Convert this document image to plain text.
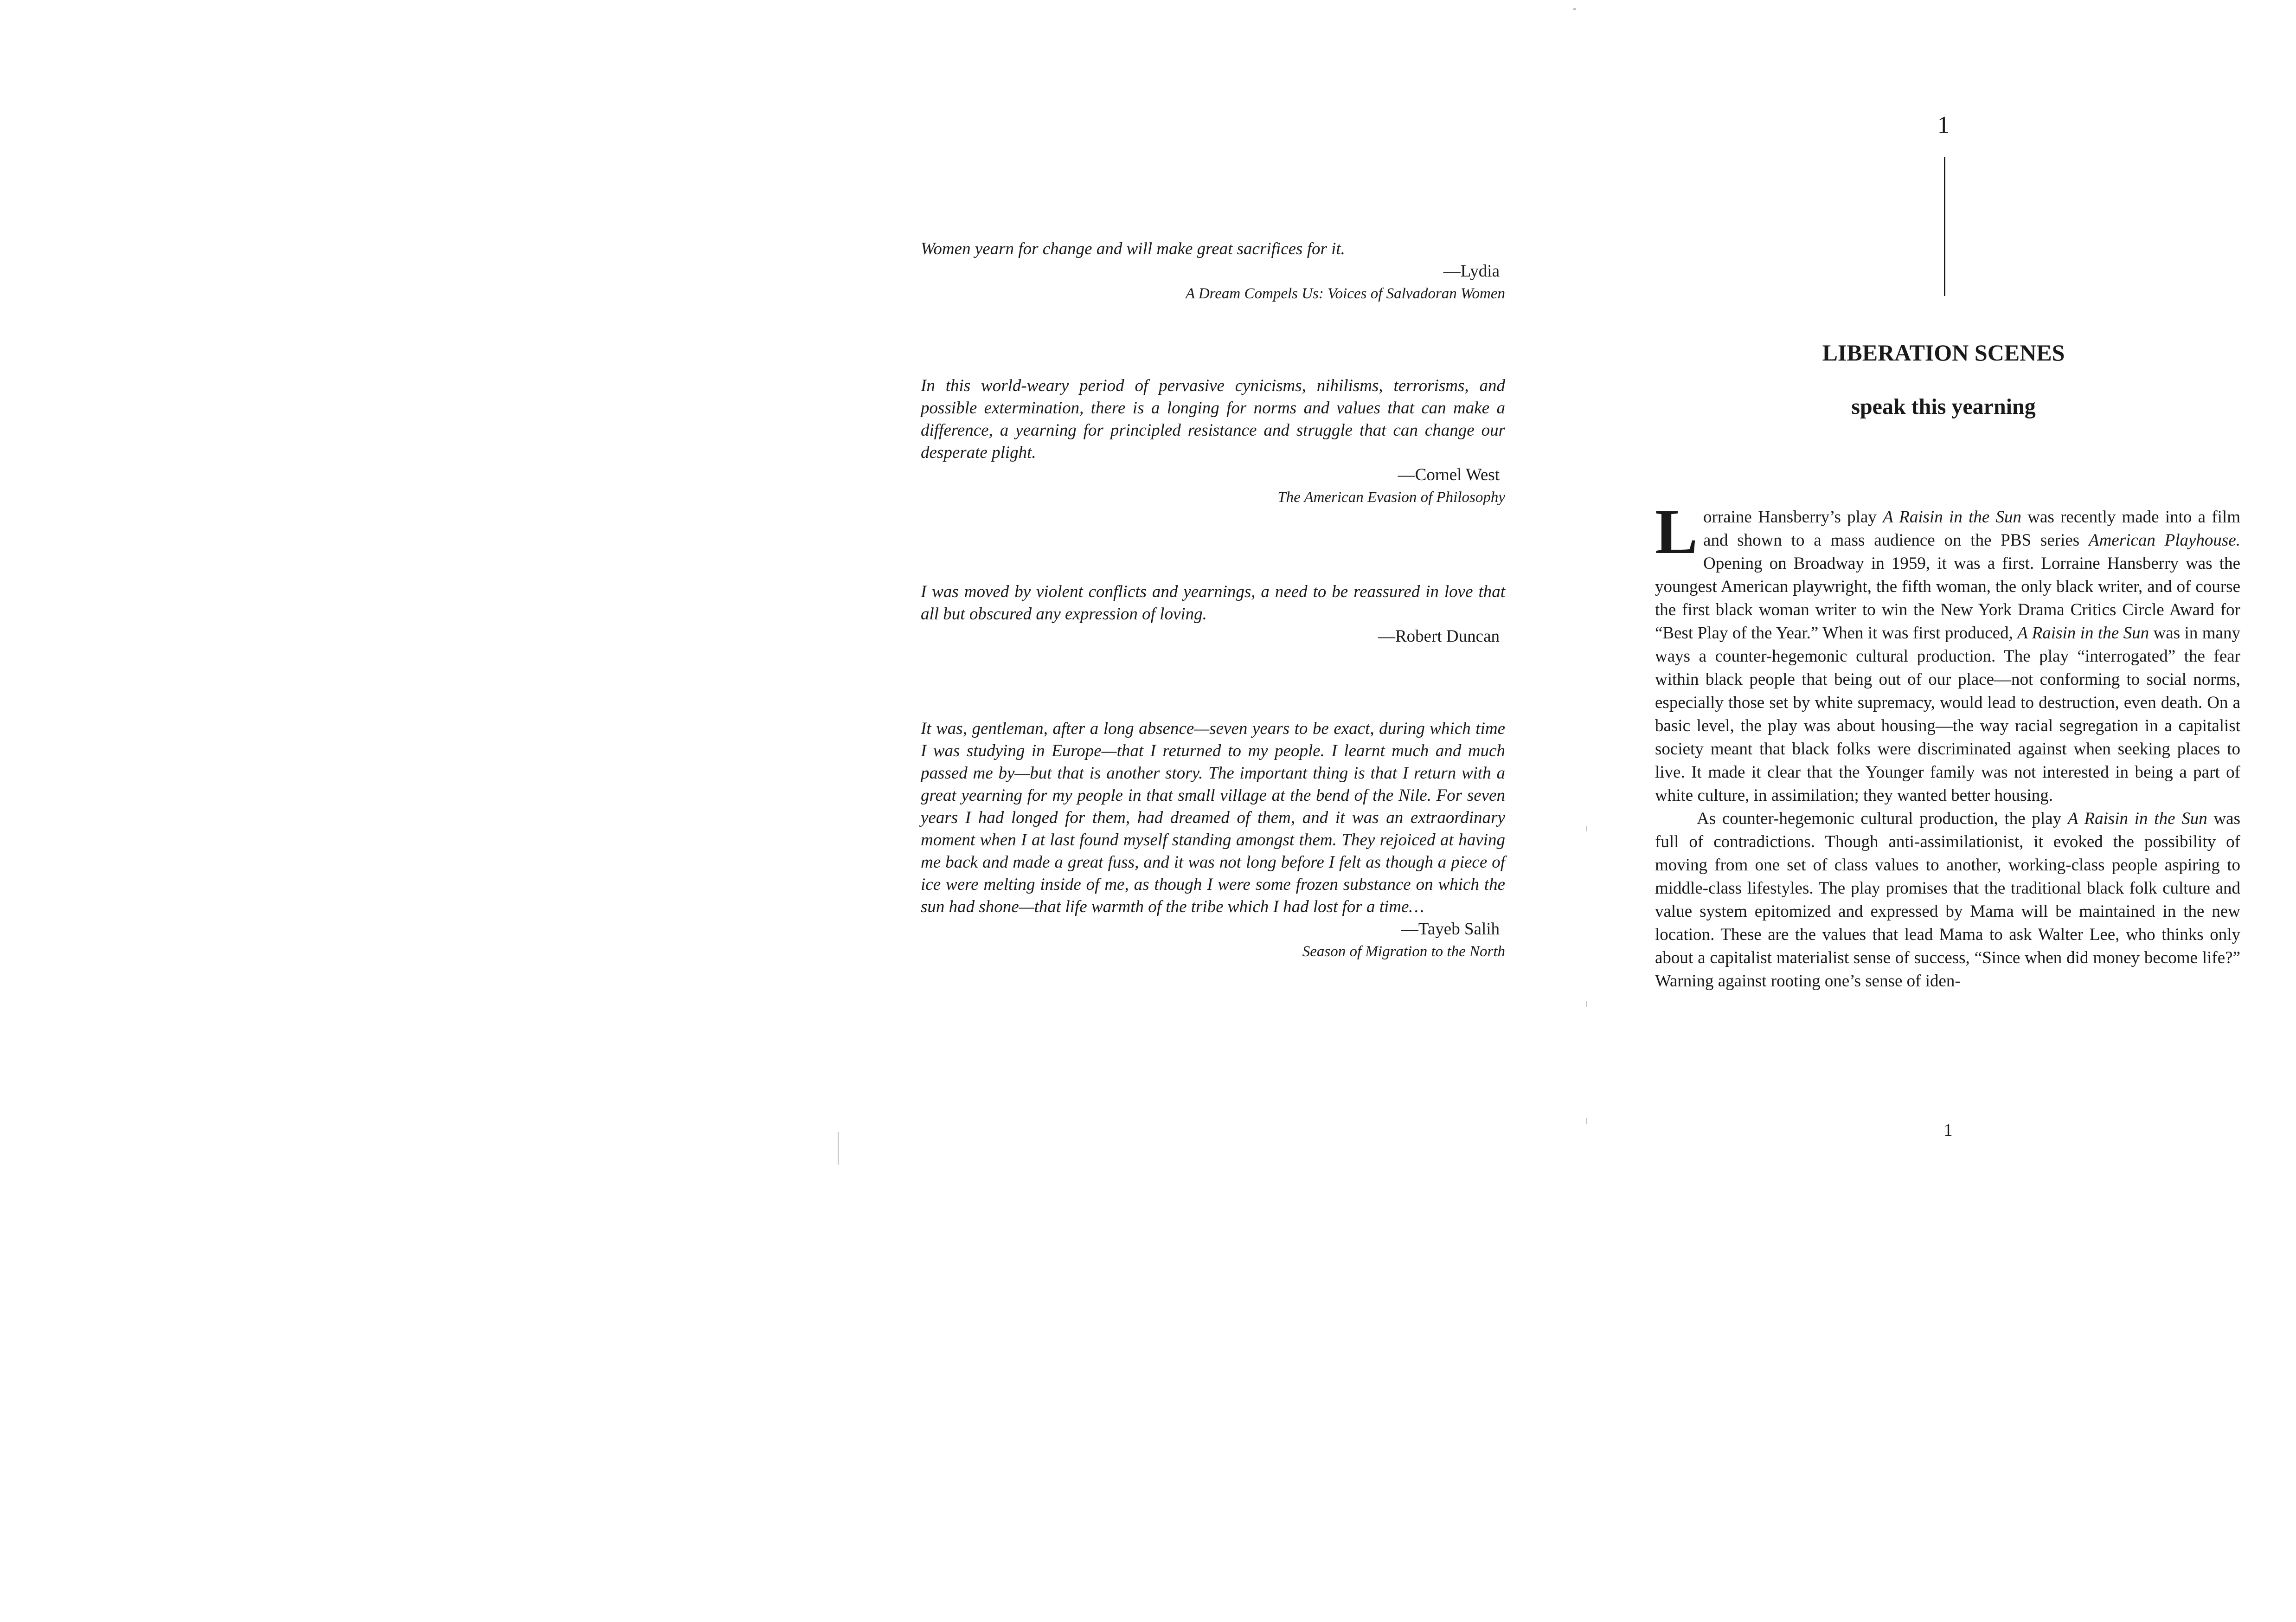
Women yearn for change and will make great sacrifices for it.

—Lydia

A Dream Compels Us: Voices of Salvadoran Women

In this world-weary period of pervasive cynicisms, nihilisms, terrorisms, and possible extermination, there is a longing for norms and values that can make a difference, a yearning for principled resistance and struggle that can change our desperate plight.

—Cornel West

The American Evasion of Philosophy

I was moved by violent conflicts and yearnings, a need to be reassured in love that all but obscured any expression of loving.

—Robert Duncan

It was, gentleman, after a long absence—seven years to be exact, during which time I was studying in Europe—that I returned to my people. I learnt much and much passed me by—but that is another story. The important thing is that I return with a great yearning for my people in that small village at the bend of the Nile. For seven years I had longed for them, had dreamed of them, and it was an extraordinary moment when I at last found myself standing amongst them. They rejoiced at having me back and made a great fuss, and it was not long before I felt as though a piece of ice were melting inside of me, as though I were some frozen substance on which the sun had shone—that life warmth of the tribe which I had lost for a time…

—Tayeb Salih

Season of Migration to the North

1
LIBERATION SCENES
speak this yearning

Lorraine Hansberry’s play A Raisin in the Sun was recently made into a film and shown to a mass audience on the PBS series American Playhouse. Opening on Broadway in 1959, it was a first. Lorraine Hansberry was the youngest American playwright, the fifth woman, the only black writer, and of course the first black woman writer to win the New York Drama Critics Circle Award for “Best Play of the Year.” When it was first produced, A Raisin in the Sun was in many ways a counter-hegemonic cultural production. The play “interrogated” the fear within black people that being out of our place—not conforming to social norms, especially those set by white supremacy, would lead to destruction, even death. On a basic level, the play was about housing—the way racial segregation in a capitalist society meant that black folks were discriminated against when seeking places to live. It made it clear that the Younger family was not interested in being a part of white culture, in assimilation; they wanted better housing.

As counter-hegemonic cultural production, the play A Raisin in the Sun was full of contradictions. Though anti-assimilationist, it evoked the possibility of moving from one set of class values to another, working-class people aspiring to middle-class lifestyles. The play promises that the traditional black folk culture and value system epitomized and expressed by Mama will be maintained in the new location. These are the values that lead Mama to ask Walter Lee, who thinks only about a capitalist materialist sense of success, “Since when did money become life?” Warning against rooting one’s sense of iden-

1
